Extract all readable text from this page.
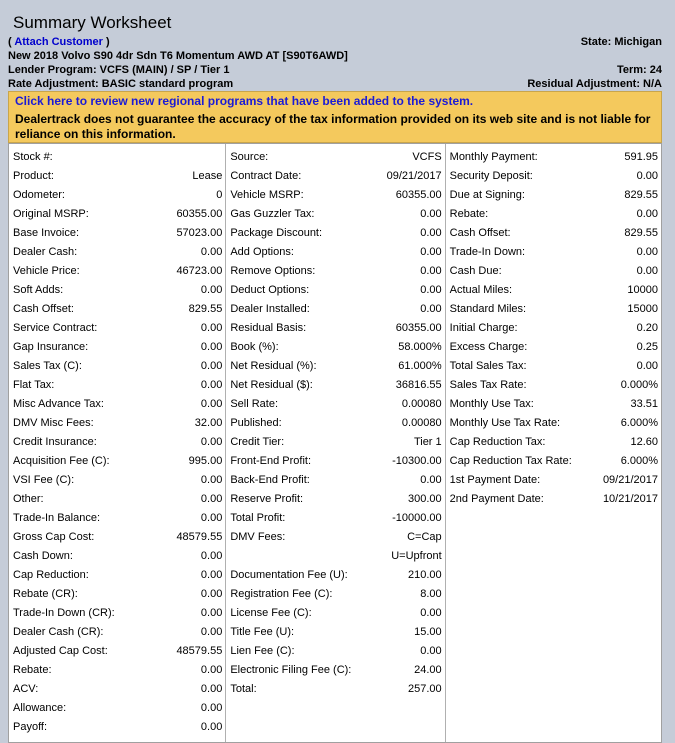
Summary Worksheet
( Attach Customer )	State: Michigan
New 2018 Volvo S90 4dr Sdn T6 Momentum AWD AT [S90T6AWD]
Lender Program: VCFS (MAIN) / SP / Tier 1	Term: 24
Rate Adjustment: BASIC standard program	Residual Adjustment: N/A
Click here to review new regional programs that have been added to the system.
Dealertrack does not guarantee the accuracy of the tax information provided on its web site and is not liable for reliance on this information.
Stock #:
Product:	Lease
Odometer:	0
Original MSRP:	60355.00
Base Invoice:	57023.00
Dealer Cash:	0.00
Vehicle Price:	46723.00
Soft Adds:	0.00
Cash Offset:	829.55
Service Contract:	0.00
Gap Insurance:	0.00
Sales Tax (C):	0.00
Flat Tax:	0.00
Misc Advance Tax:	0.00
DMV Misc Fees:	32.00
Credit Insurance:	0.00
Acquisition Fee (C):	995.00
VSI Fee (C):	0.00
Other:	0.00
Trade-In Balance:	0.00
Gross Cap Cost:	48579.55
Cash Down:	0.00
Cap Reduction:	0.00
Rebate (CR):	0.00
Trade-In Down (CR):	0.00
Dealer Cash (CR):	0.00
Adjusted Cap Cost:	48579.55
Rebate:	0.00
ACV:	0.00
Allowance:	0.00
Payoff:	0.00
Source:	VCFS
Contract Date:	09/21/2017
Vehicle MSRP:	60355.00
Gas Guzzler Tax:	0.00
Package Discount:	0.00
Add Options:	0.00
Remove Options:	0.00
Deduct Options:	0.00
Dealer Installed:	0.00
Residual Basis:	60355.00
Book (%):	58.000%
Net Residual (%):	61.000%
Net Residual ($):	36816.55
Sell Rate:	0.00080
Published:	0.00080
Credit Tier:	Tier 1
Front-End Profit:	-10300.00
Back-End Profit:	0.00
Reserve Profit:	300.00
Total Profit:	-10000.00
DMV Fees:	C=Cap
U=Upfront
Documentation Fee (U):	210.00
Registration Fee (C):	8.00
License Fee (C):	0.00
Title Fee (U):	15.00
Lien Fee (C):	0.00
Electronic Filing Fee (C):	24.00
Total:	257.00
Monthly Payment:	591.95
Security Deposit:	0.00
Due at Signing:	829.55
Rebate:	0.00
Cash Offset:	829.55
Trade-In Down:	0.00
Cash Due:	0.00
Actual Miles:	10000
Standard Miles:	15000
Initial Charge:	0.20
Excess Charge:	0.25
Total Sales Tax:	0.00
Sales Tax Rate:	0.000%
Monthly Use Tax:	33.51
Monthly Use Tax Rate:	6.000%
Cap Reduction Tax:	12.60
Cap Reduction Tax Rate:	6.000%
1st Payment Date:	09/21/2017
2nd Payment Date:	10/21/2017
